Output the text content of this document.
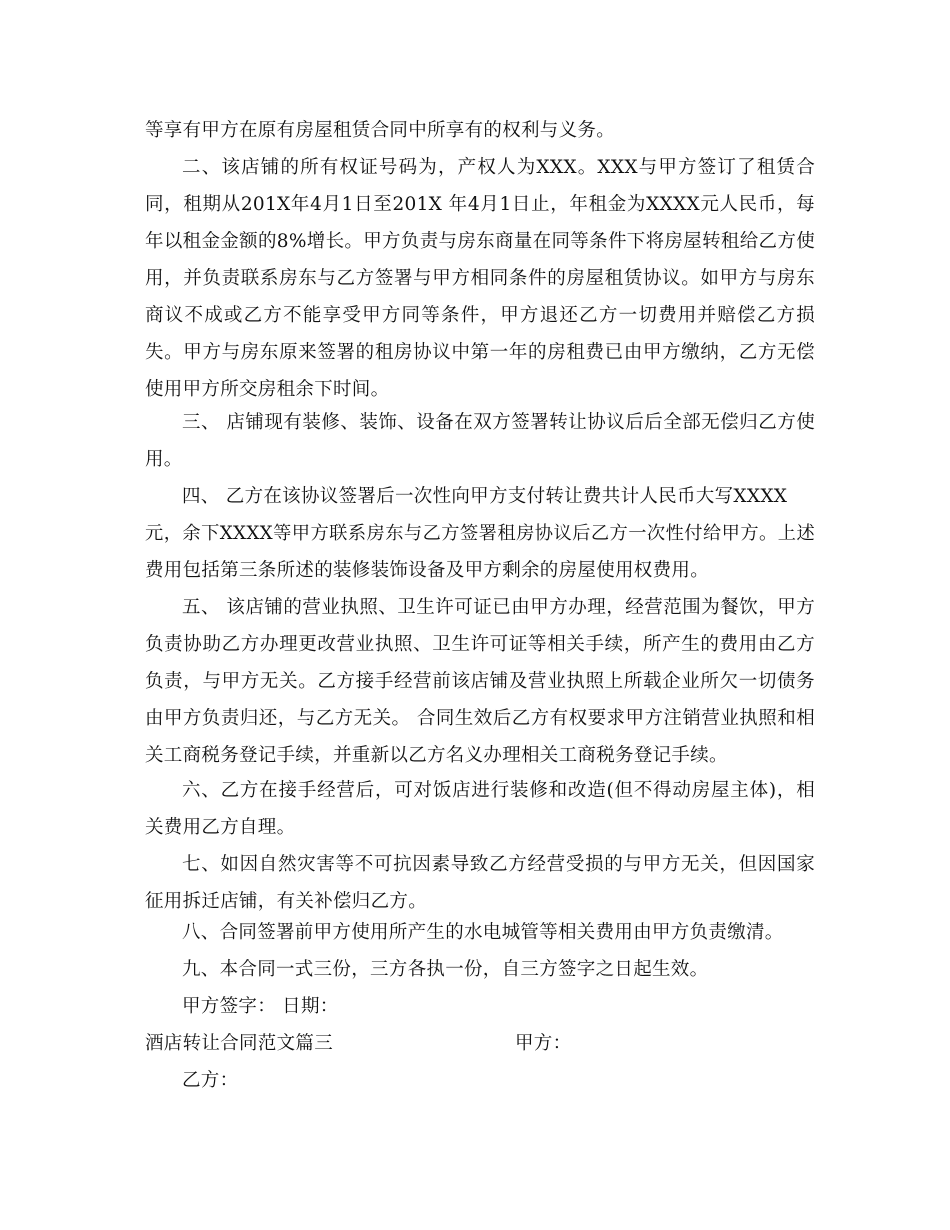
等享有甲方在原有房屋租赁合同中所享有的权利与义务。
二、该店铺的所有权证号码为，产权人为XXX。XXX与甲方签订了租赁合
同，租期从201X年4月1日至201X 年4月1日止，年租金为XXXX元人民币，每
年以租金金额的8%增长。甲方负责与房东商量在同等条件下将房屋转租给乙方使
用，并负责联系房东与乙方签署与甲方相同条件的房屋租赁协议。如甲方与房东
商议不成或乙方不能享受甲方同等条件，甲方退还乙方一切费用并赔偿乙方损
失。甲方与房东原来签署的租房协议中第一年的房租费已由甲方缴纳，乙方无偿
使用甲方所交房租余下时间。
三、 店铺现有装修、装饰、设备在双方签署转让协议后后全部无偿归乙方使
用。
四、 乙方在该协议签署后一次性向甲方支付转让费共计人民币大写XXXX
元，余下XXXX等甲方联系房东与乙方签署租房协议后乙方一次性付给甲方。上述
费用包括第三条所述的装修装饰设备及甲方剩余的房屋使用权费用。
五、 该店铺的营业执照、卫生许可证已由甲方办理，经营范围为餐饮，甲方
负责协助乙方办理更改营业执照、卫生许可证等相关手续，所产生的费用由乙方
负责，与甲方无关。乙方接手经营前该店铺及营业执照上所载企业所欠一切债务
由甲方负责归还，与乙方无关。 合同生效后乙方有权要求甲方注销营业执照和相
关工商税务登记手续，并重新以乙方名义办理相关工商税务登记手续。
六、乙方在接手经营后，可对饭店进行装修和改造(但不得动房屋主体)，相
关费用乙方自理。
七、如因自然灾害等不可抗因素导致乙方经营受损的与甲方无关，但因国家
征用拆迁店铺，有关补偿归乙方。
八、合同签署前甲方使用所产生的水电城管等相关费用由甲方负责缴清。
九、本合同一式三份，三方各执一份，自三方签字之日起生效。
甲方签字： 日期：
酒店转让合同范文篇三	甲方：
乙方：
